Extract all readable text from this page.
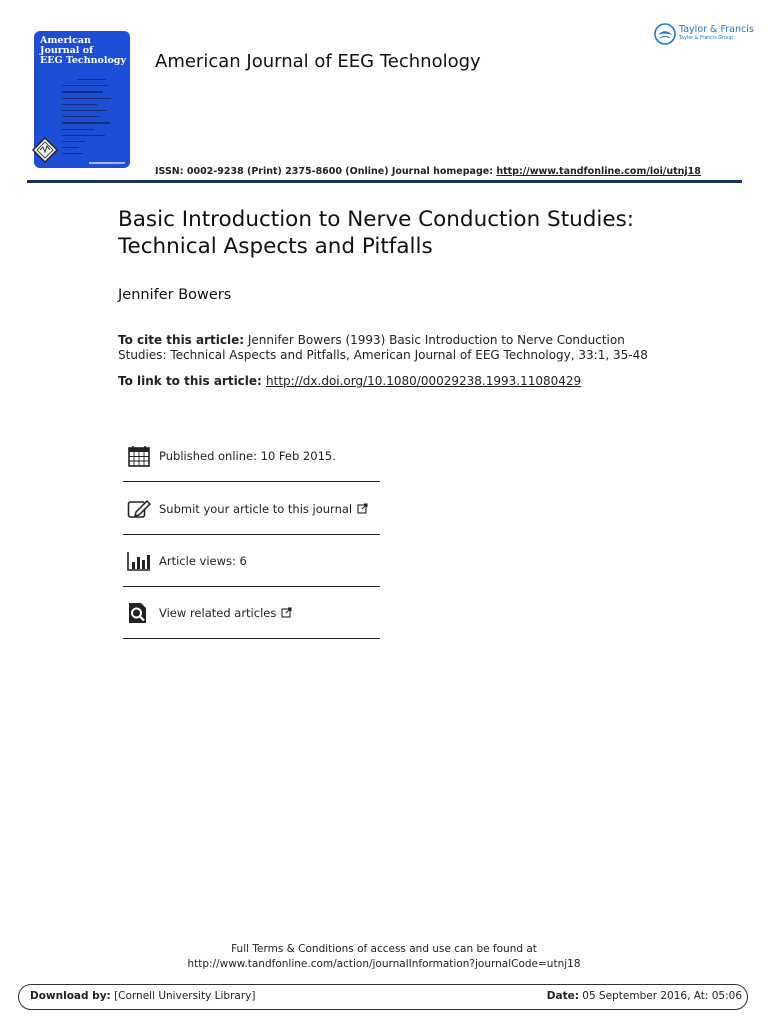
American
Journal of
EEG Technology American Journal of EEG Technology
Taylor & Francis
Taylor & Francis Group
ISSN: 0002-9238 (Print) 2375-8600 (Online) Journal homepage: http://www.tandfonline.com/loi/utnj18
Basic Introduction to Nerve Conduction Studies:
Technical Aspects and Pitfalls
Jennifer Bowers
To cite this article: Jennifer Bowers (1993) Basic Introduction to Nerve Conduction Studies: Technical Aspects and Pitfalls, American Journal of EEG Technology, 33:1, 35-48
To link to this article: http://dx.doi.org/10.1080/00029238.1993.11080429
Published online: 10 Feb 2015.
Submit your article to this journal
Article views: 6
View related articles
Full Terms & Conditions of access and use can be found at
http://www.tandfonline.com/action/journalInformation?journalCode=utnj18
Download by: [Cornell University Library]	Date: 05 September 2016, At: 05:06
